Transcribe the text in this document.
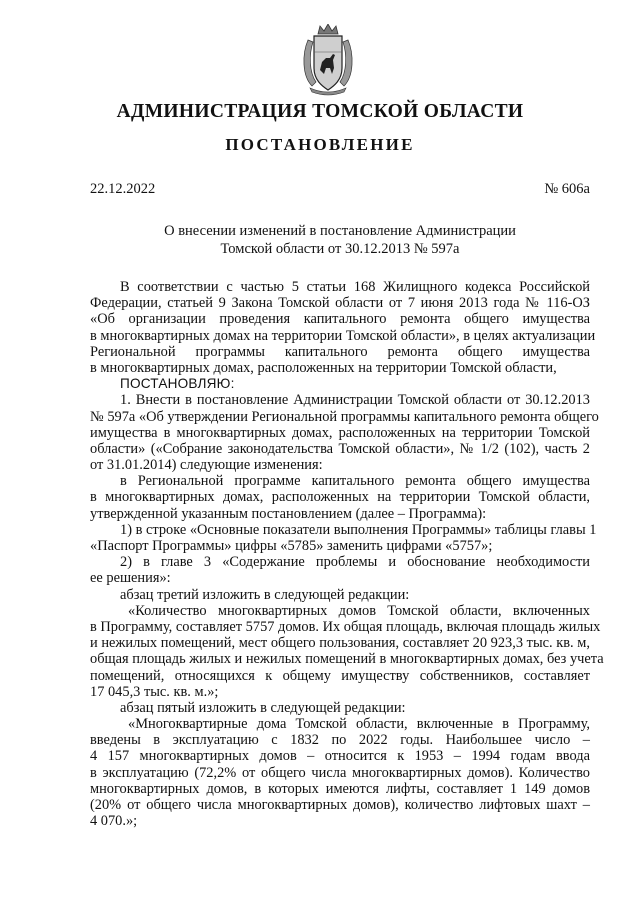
АДМИНИСТРАЦИЯ ТОМСКОЙ ОБЛАСТИ
ПОСТАНОВЛЕНИЕ
22.12.2022	№ 606а
О внесении изменений в постановление Администрации
Томской области от 30.12.2013 № 597а
В соответствии с частью 5 статьи 168 Жилищного кодекса Российской
Федерации, статьей 9 Закона Томской области от 7 июня 2013 года № 116-ОЗ
«Об организации проведения капитального ремонта общего имущества
в многоквартирных домах на территории Томской области», в целях актуализации
Региональной программы капитального ремонта общего имущества
в многоквартирных домах, расположенных на территории Томской области,
ПОСТАНОВЛЯЮ:
1. Внести в постановление Администрации Томской области от 30.12.2013
№ 597а «Об утверждении Региональной программы капитального ремонта общего
имущества в многоквартирных домах, расположенных на территории Томской
области» («Собрание законодательства Томской области», № 1/2 (102), часть 2
от 31.01.2014) следующие изменения:
в Региональной программе капитального ремонта общего имущества
в многоквартирных домах, расположенных на территории Томской области,
утвержденной указанным постановлением (далее – Программа):
1) в строке «Основные показатели выполнения Программы» таблицы главы 1
«Паспорт Программы» цифры «5785» заменить цифрами «5757»;
2) в главе 3 «Содержание проблемы и обоснование необходимости
ее решения»:
абзац третий изложить в следующей редакции:
«Количество многоквартирных домов Томской области, включенных
в Программу, составляет 5757 домов. Их общая площадь, включая площадь жилых
и нежилых помещений, мест общего пользования, составляет 20 923,3 тыс. кв. м,
общая площадь жилых и нежилых помещений в многоквартирных домах, без учета
помещений, относящихся к общему имуществу собственников, составляет
17 045,3 тыс. кв. м.»;
абзац пятый изложить в следующей редакции:
«Многоквартирные дома Томской области, включенные в Программу,
введены в эксплуатацию с 1832 по 2022 годы. Наибольшее число –
4 157 многоквартирных домов – относится к 1953 – 1994 годам ввода
в эксплуатацию (72,2% от общего числа многоквартирных домов). Количество
многоквартирных домов, в которых имеются лифты, составляет 1 149 домов
(20% от общего числа многоквартирных домов), количество лифтовых шахт –
4 070.»;
